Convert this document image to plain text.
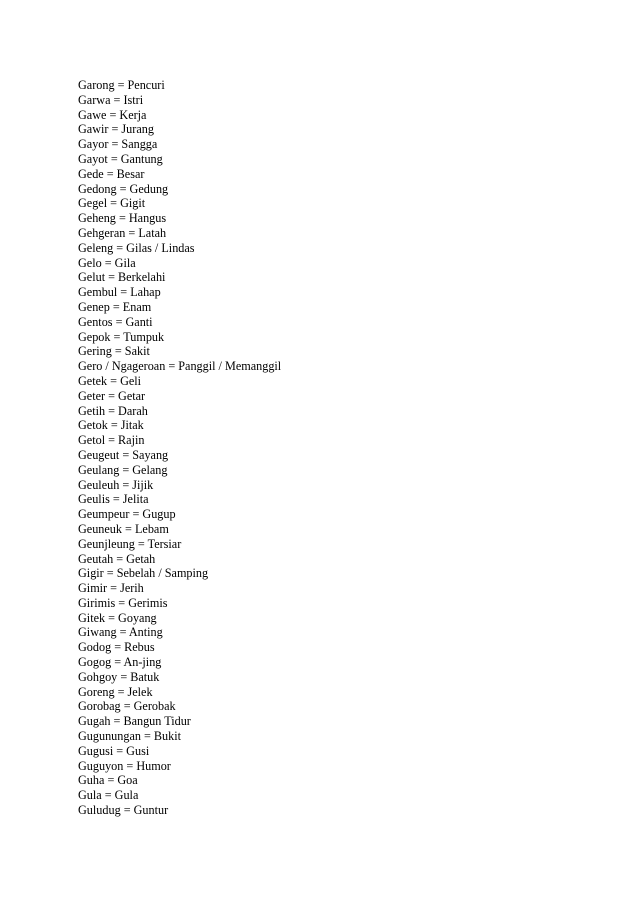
Garong = Pencuri
Garwa = Istri
Gawe = Kerja
Gawir = Jurang
Gayor = Sangga
Gayot = Gantung
Gede = Besar
Gedong = Gedung
Gegel = Gigit
Geheng = Hangus
Gehgeran = Latah
Geleng = Gilas / Lindas
Gelo = Gila
Gelut = Berkelahi
Gembul = Lahap
Genep = Enam
Gentos = Ganti
Gepok = Tumpuk
Gering = Sakit
Gero / Ngageroan = Panggil / Memanggil
Getek = Geli
Geter = Getar
Getih = Darah
Getok = Jitak
Getol = Rajin
Geugeut = Sayang
Geulang = Gelang
Geuleuh = Jijik
Geulis = Jelita
Geumpeur = Gugup
Geuneuk = Lebam
Geunjleung = Tersiar
Geutah = Getah
Gigir = Sebelah / Samping
Gimir = Jerih
Girimis = Gerimis
Gitek = Goyang
Giwang = Anting
Godog = Rebus
Gogog = An-jing
Gohgoy = Batuk
Goreng = Jelek
Gorobag = Gerobak
Gugah = Bangun Tidur
Gugunungan = Bukit
Gugusi = Gusi
Guguyon = Humor
Guha = Goa
Gula = Gula
Guludug = Guntur
